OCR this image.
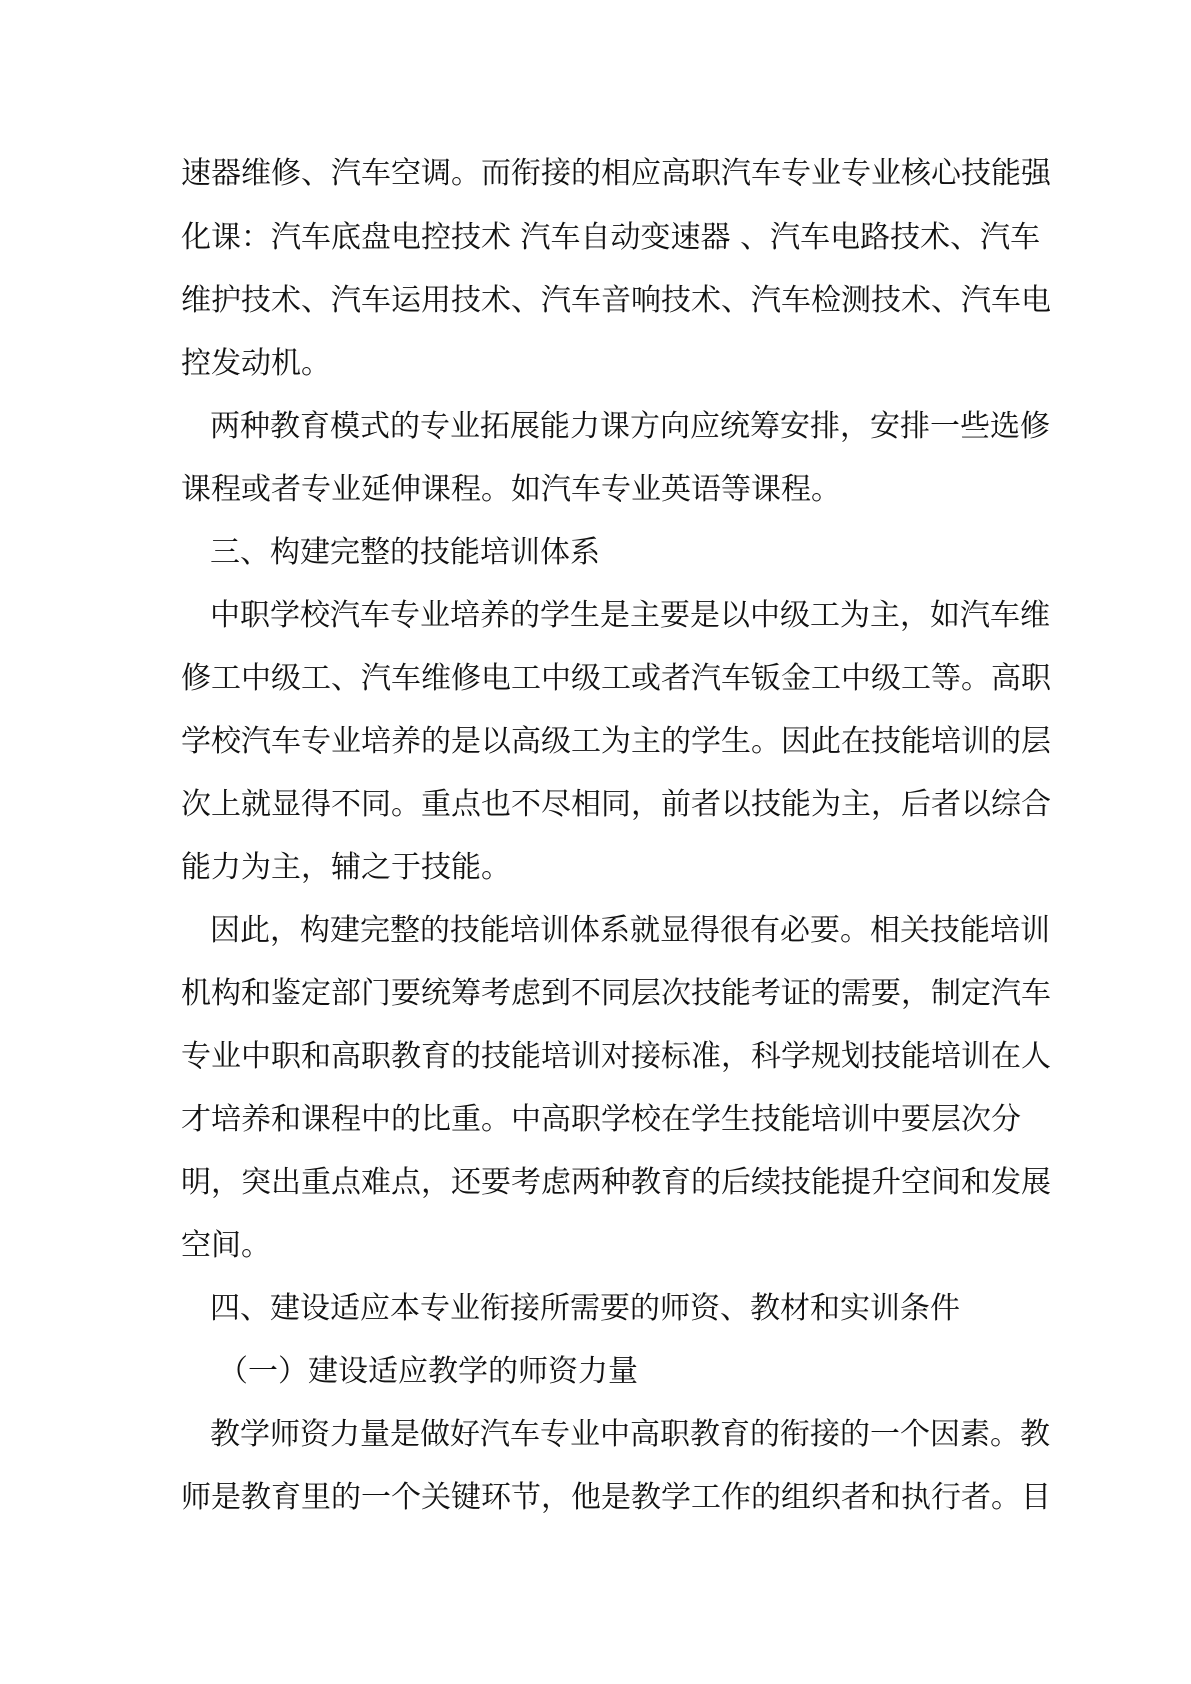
速器维修、汽车空调。而衔接的相应高职汽车专业专业核心技能强

化课：汽车底盘电控技术 汽车自动变速器 、汽车电路技术、汽车

维护技术、汽车运用技术、汽车音响技术、汽车检测技术、汽车电

控发动机。

两种教育模式的专业拓展能力课方向应统筹安排，安排一些选修

课程或者专业延伸课程。如汽车专业英语等课程。

三、构建完整的技能培训体系

中职学校汽车专业培养的学生是主要是以中级工为主，如汽车维

修工中级工、汽车维修电工中级工或者汽车钣金工中级工等。高职

学校汽车专业培养的是以高级工为主的学生。因此在技能培训的层

次上就显得不同。重点也不尽相同，前者以技能为主，后者以综合

能力为主，辅之于技能。

因此，构建完整的技能培训体系就显得很有必要。相关技能培训

机构和鉴定部门要统筹考虑到不同层次技能考证的需要，制定汽车

专业中职和高职教育的技能培训对接标准，科学规划技能培训在人

才培养和课程中的比重。中高职学校在学生技能培训中要层次分

明，突出重点难点，还要考虑两种教育的后续技能提升空间和发展

空间。

四、建设适应本专业衔接所需要的师资、教材和实训条件

（一）建设适应教学的师资力量

教学师资力量是做好汽车专业中高职教育的衔接的一个因素。教

师是教育里的一个关键环节，他是教学工作的组织者和执行者。目
